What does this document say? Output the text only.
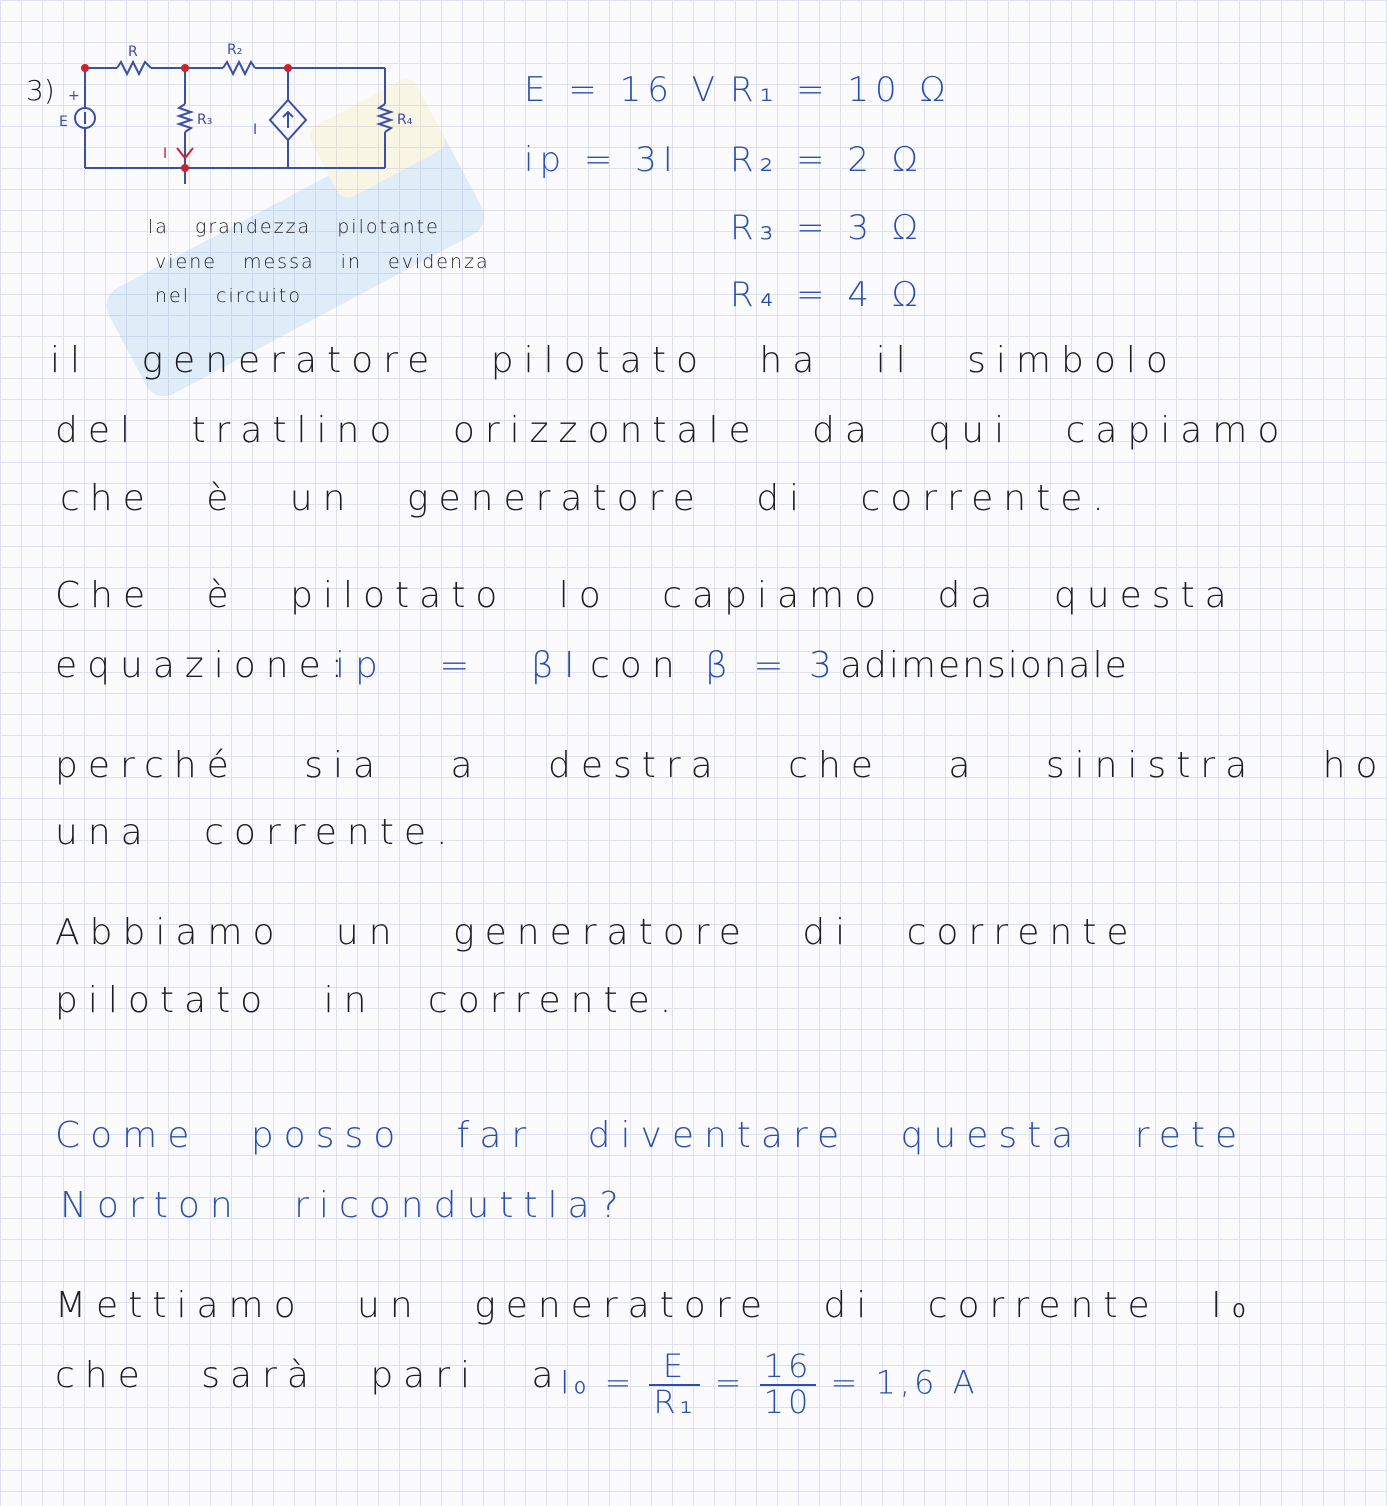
3)
R	R₂
R₃	R₄
E
+
I
I
la grandezza pilotante
viene messa in evidenza
nel circuito
E = 16 V
ip = 3I
R₁ = 10 Ω
R₂ = 2 Ω
R₃ = 3 Ω
R₄ = 4 Ω
il generatore pilotato ha il simbolo
del tratlino orizzontale da qui capiamo
che è un generatore di corrente.
Che è pilotato lo capiamo da questa
equazione:
ip = βI con β = 3 adimensionale
perché sia a destra che a sinistra ho
una corrente.
Abbiamo un generatore di corrente
pilotato in corrente.
Come posso far diventare questa rete
Norton riconduttla?
Mettiamo un generatore di corrente I₀
che sarà pari a
$I_0 = \frac{E}{\text{R₁}} = \frac{16}{10} = 1,6$ A
